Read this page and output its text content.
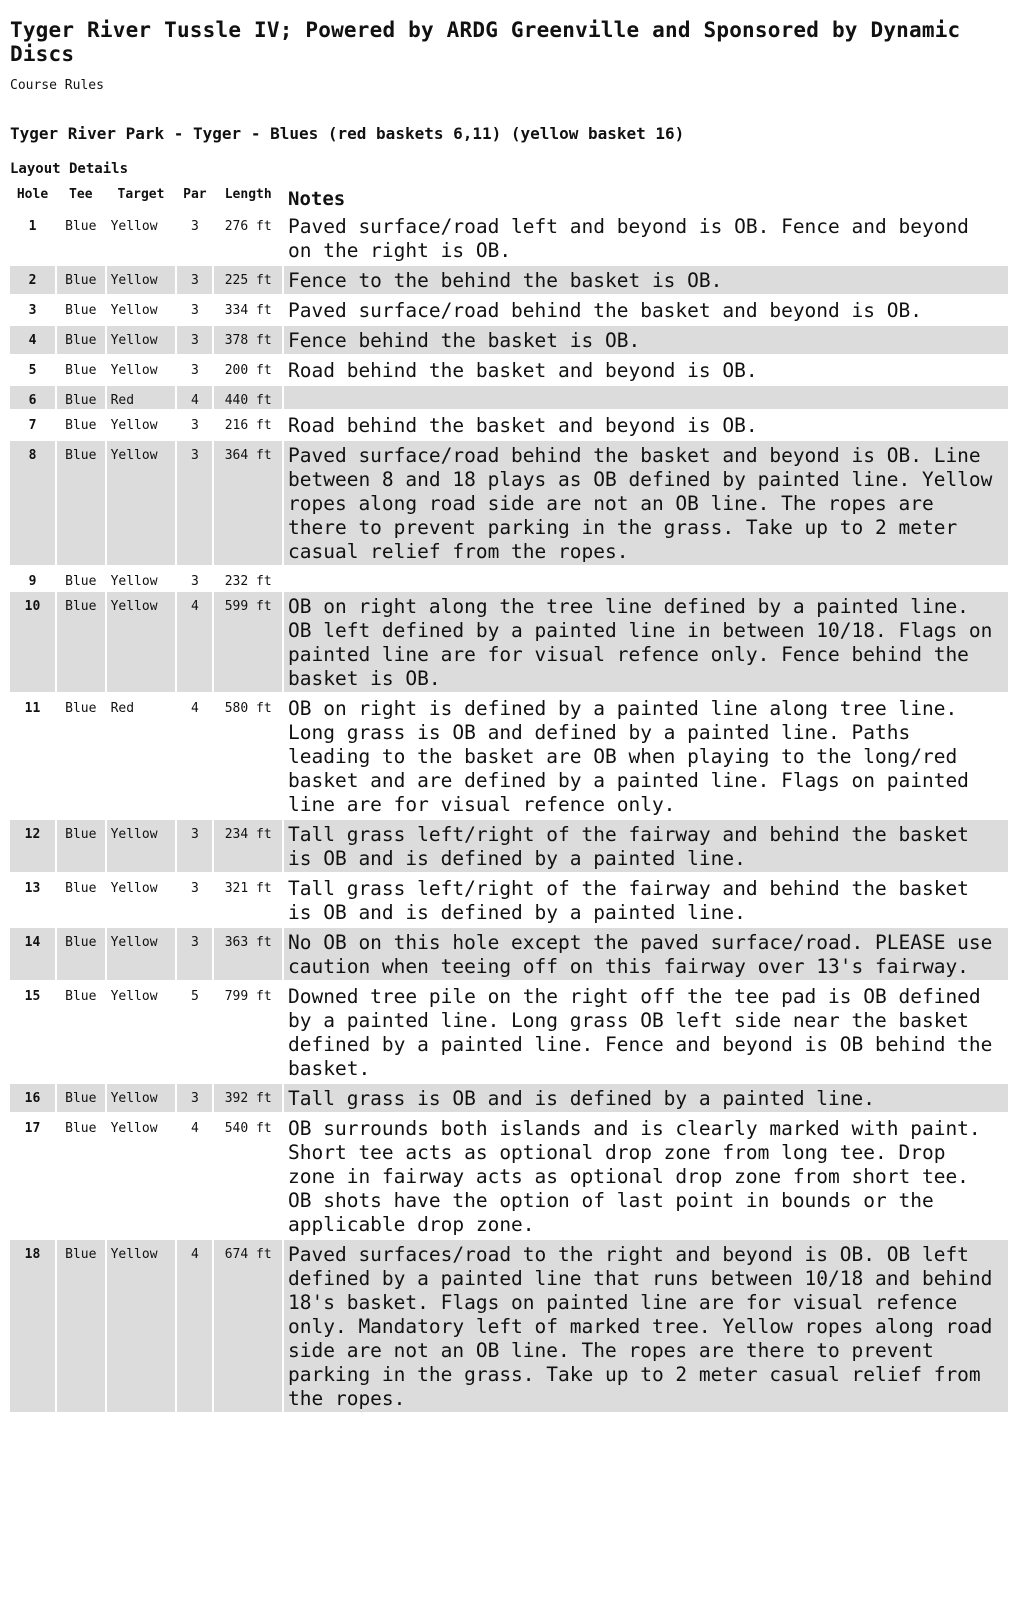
Tyger River Tussle IV; Powered by ARDG Greenville and Sponsored by Dynamic Discs
Course Rules
Tyger River Park - Tyger - Blues (red baskets 6,11) (yellow basket 16)
Layout Details
Hole	Tee	Target	Par	Length	Notes
1	Blue	Yellow	3	276 ft	Paved surface/road left and beyond is OB. Fence and beyond on the right is OB.
2	Blue	Yellow	3	225 ft	Fence to the behind the basket is OB.
3	Blue	Yellow	3	334 ft	Paved surface/road behind the basket and beyond is OB.
4	Blue	Yellow	3	378 ft	Fence behind the basket is OB.
5	Blue	Yellow	3	200 ft	Road behind the basket and beyond is OB.
6	Blue	Red	4	440 ft	
7	Blue	Yellow	3	216 ft	Road behind the basket and beyond is OB.
8	Blue	Yellow	3	364 ft	Paved surface/road behind the basket and beyond is OB. Line between 8 and 18 plays as OB defined by painted line. Yellow ropes along road side are not an OB line. The ropes are there to prevent parking in the grass. Take up to 2 meter casual relief from the ropes.
9	Blue	Yellow	3	232 ft	
10	Blue	Yellow	4	599 ft	OB on right along the tree line defined by a painted line. OB left defined by a painted line in between 10/18. Flags on painted line are for visual refence only. Fence behind the basket is OB.
11	Blue	Red	4	580 ft	OB on right is defined by a painted line along tree line. Long grass is OB and defined by a painted line. Paths leading to the basket are OB when playing to the long/red basket and are defined by a painted line. Flags on painted line are for visual refence only.
12	Blue	Yellow	3	234 ft	Tall grass left/right of the fairway and behind the basket is OB and is defined by a painted line.
13	Blue	Yellow	3	321 ft	Tall grass left/right of the fairway and behind the basket is OB and is defined by a painted line.
14	Blue	Yellow	3	363 ft	No OB on this hole except the paved surface/road. PLEASE use caution when teeing off on this fairway over 13's fairway.
15	Blue	Yellow	5	799 ft	Downed tree pile on the right off the tee pad is OB defined by a painted line. Long grass OB left side near the basket defined by a painted line. Fence and beyond is OB behind the basket.
16	Blue	Yellow	3	392 ft	Tall grass is OB and is defined by a painted line.
17	Blue	Yellow	4	540 ft	OB surrounds both islands and is clearly marked with paint. Short tee acts as optional drop zone from long tee. Drop zone in fairway acts as optional drop zone from short tee. OB shots have the option of last point in bounds or the applicable drop zone.
18	Blue	Yellow	4	674 ft	Paved surfaces/road to the right and beyond is OB. OB left defined by a painted line that runs between 10/18 and behind 18's basket. Flags on painted line are for visual refence only. Mandatory left of marked tree. Yellow ropes along road side are not an OB line. The ropes are there to prevent parking in the grass. Take up to 2 meter casual relief from the ropes.
